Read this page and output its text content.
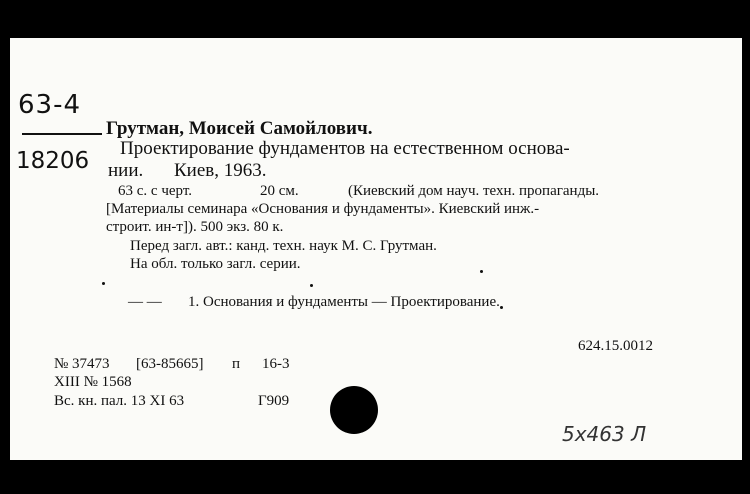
63-4
18206
Грутман, Моисей Самойлович.
Проектирование фундаментов на естественном основа-
нии. Киев, 1963.
63 с. с черт.	20 см.	(Киевский дом науч. техн. пропаганды.
[Материалы семинара «Основания и фундаменты». Киевский инж.-
строит. ин-т]). 500 экз. 80 к.
Перед загл. авт.: канд. техн. наук М. С. Грутман.
На обл. только загл. серии.
— — 1. Основания и фундаменты — Проектирование.
624.15.0012
№ 37473 [63-85665] п 16-3
XIII № 1568
Вс. кн. пал. 13 XI 63	Г909
5х463 Л
